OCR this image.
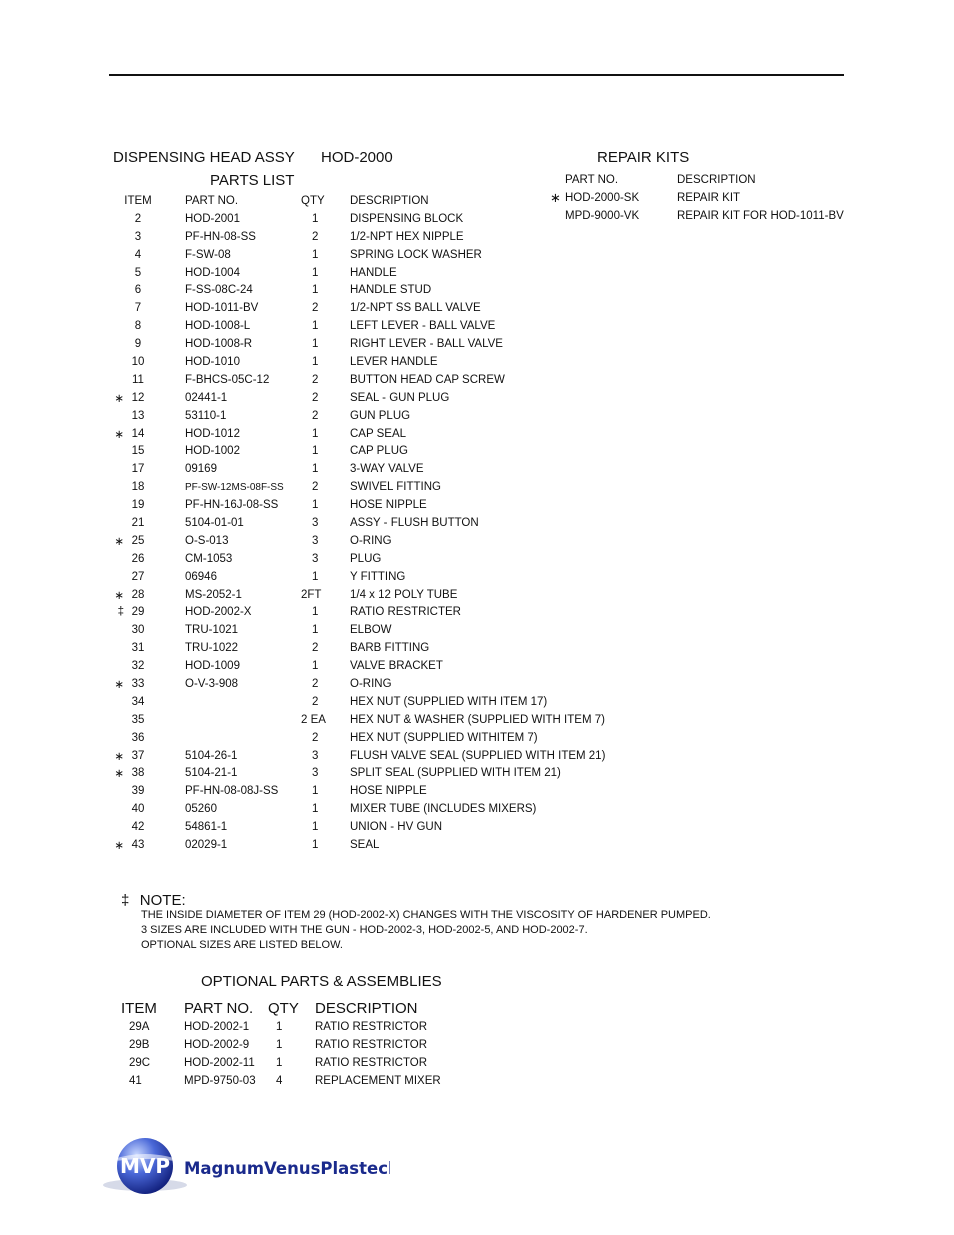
DISPENSING HEAD ASSY HOD-2000
PARTS LIST
REPAIR KITS
	ITEM	PART NO.	QTY	DESCRIPTION
	2	HOD-2001	1	DISPENSING BLOCK
	3	PF-HN-08-SS	2	1/2-NPT HEX NIPPLE
	4	F-SW-08	1	SPRING LOCK WASHER
	5	HOD-1004	1	HANDLE
	6	F-SS-08C-24	1	HANDLE STUD
	7	HOD-1011-BV	2	1/2-NPT SS BALL VALVE
	8	HOD-1008-L	1	LEFT LEVER - BALL VALVE
	9	HOD-1008-R	1	RIGHT LEVER - BALL VALVE
	10	HOD-1010	1	LEVER HANDLE
	11	F-BHCS-05C-12	2	BUTTON HEAD CAP SCREW
∗	12	02441-1	2	SEAL - GUN PLUG
	13	53110-1	2	GUN PLUG
∗	14	HOD-1012	1	CAP SEAL
	15	HOD-1002	1	CAP PLUG
	17	09169	1	3-WAY VALVE
	18	PF-SW-12MS-08F-SS	2	SWIVEL FITTING
	19	PF-HN-16J-08-SS	1	HOSE NIPPLE
	21	5104-01-01	3	ASSY - FLUSH BUTTON
∗	25	O-S-013	3	O-RING
	26	CM-1053	3	PLUG
	27	06946	1	Y FITTING
∗	28	MS-2052-1	2FT	1/4 x 12 POLY TUBE
‡	29	HOD-2002-X	1	RATIO RESTRICTER
	30	TRU-1021	1	ELBOW
	31	TRU-1022	2	BARB FITTING
	32	HOD-1009	1	VALVE BRACKET
∗	33	O-V-3-908	2	O-RING
	34		2	HEX NUT (SUPPLIED WITH ITEM 17)
	35		2 EA	HEX NUT & WASHER (SUPPLIED WITH ITEM 7)
	36		2	HEX NUT (SUPPLIED WITHITEM 7)
∗	37	5104-26-1	3	FLUSH VALVE SEAL (SUPPLIED WITH ITEM 21)
∗	38	5104-21-1	3	SPLIT SEAL (SUPPLIED WITH ITEM 21)
	39	PF-HN-08-08J-SS	1	HOSE NIPPLE
	40	05260	1	MIXER TUBE (INCLUDES MIXERS)
	42	54861-1	1	UNION - HV GUN
∗	43	02029-1	1	SEAL
	PART NO.	DESCRIPTION
∗	HOD-2000-SK	REPAIR KIT
	MPD-9000-VK	REPAIR KIT FOR HOD-1011-BV
‡ NOTE:
THE INSIDE DIAMETER OF ITEM 29 (HOD-2002-X) CHANGES WITH THE VISCOSITY OF HARDENER PUMPED.
3 SIZES ARE INCLUDED WITH THE GUN - HOD-2002-3, HOD-2002-5, AND HOD-2002-7.
OPTIONAL SIZES ARE LISTED BELOW.
OPTIONAL PARTS & ASSEMBLIES
ITEM	PART NO.	QTY	DESCRIPTION
29A	HOD-2002-1	1	RATIO RESTRICTOR
29B	HOD-2002-9	1	RATIO RESTRICTOR
29C	HOD-2002-11	1	RATIO RESTRICTOR
41	MPD-9750-03	4	REPLACEMENT MIXER
MVP MagnumVenusPlastech
